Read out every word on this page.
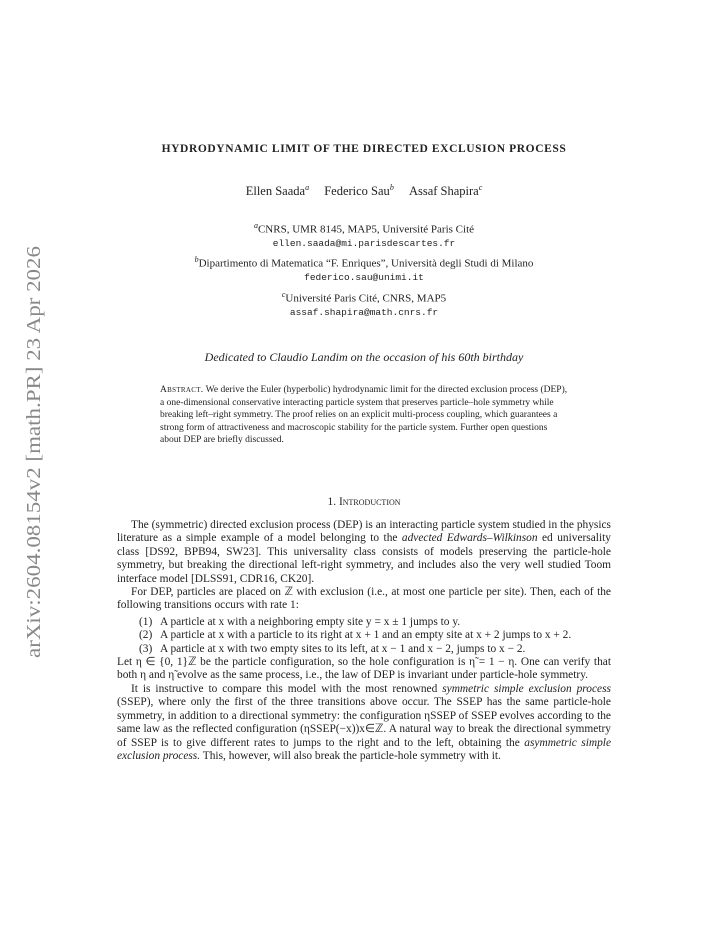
arXiv:2604.08154v2 [math.PR] 23 Apr 2026
HYDRODYNAMIC LIMIT OF THE DIRECTED EXCLUSION PROCESS
Ellen Saada$^a$ Federico Sau$^b$ Assaf Shapira$^c$
$^a$CNRS, UMR 8145, MAP5, Université Paris Cité
ellen.saada@mi.parisdescartes.fr
$^b$Dipartimento di Matematica “F. Enriques”, Università degli Studi di Milano
federico.sau@unimi.it
$^c$Université Paris Cité, CNRS, MAP5
assaf.shapira@math.cnrs.fr
Dedicated to Claudio Landim on the occasion of his 60th birthday
Abstract. We derive the Euler (hyperbolic) hydrodynamic limit for the directed exclusion process (DEP), a one-dimensional conservative interacting particle system that preserves particle–hole symmetry while breaking left–right symmetry. The proof relies on an explicit multi-process coupling, which guarantees a strong form of attractiveness and macroscopic stability for the particle system. Further open questions about DEP are briefly discussed.
1. Introduction

The (symmetric) directed exclusion process (DEP) is an interacting particle system studied in the physics literature as a simple example of a model belonging to the advected Edwards–Wilkinson ed universality class [DS92, BPB94, SW23]. This universality class consists of models preserving the particle-hole symmetry, but breaking the directional left-right symmetry, and includes also the very well studied Toom interface model [DLSS91, CDR16, CK20].

For DEP, particles are placed on ℤ with exclusion (i.e., at most one particle per site). Then, each of the following transitions occurs with rate 1:

(1) A particle at x with a neighboring empty site y = x ± 1 jumps to y.
(2) A particle at x with a particle to its right at x + 1 and an empty site at x + 2 jumps to x + 2.
(3) A particle at x with two empty sites to its left, at x − 1 and x − 2, jumps to x − 2.

Let η ∈ {0, 1}ℤ be the particle configuration, so the hole configuration is η̃ = 1 − η. One can verify that both η and η̃ evolve as the same process, i.e., the law of DEP is invariant under particle-hole symmetry.

It is instructive to compare this model with the most renowned symmetric simple exclusion process (SSEP), where only the first of the three transitions above occur. The SSEP has the same particle-hole symmetry, in addition to a directional symmetry: the configuration ηSSEP of SSEP evolves according to the same law as the reflected configuration (ηSSEP(−x))x∈ℤ. A natural way to break the directional symmetry of SSEP is to give different rates to jumps to the right and to the left, obtaining the asymmetric simple exclusion process. This, however, will also break the particle-hole symmetry with it.
